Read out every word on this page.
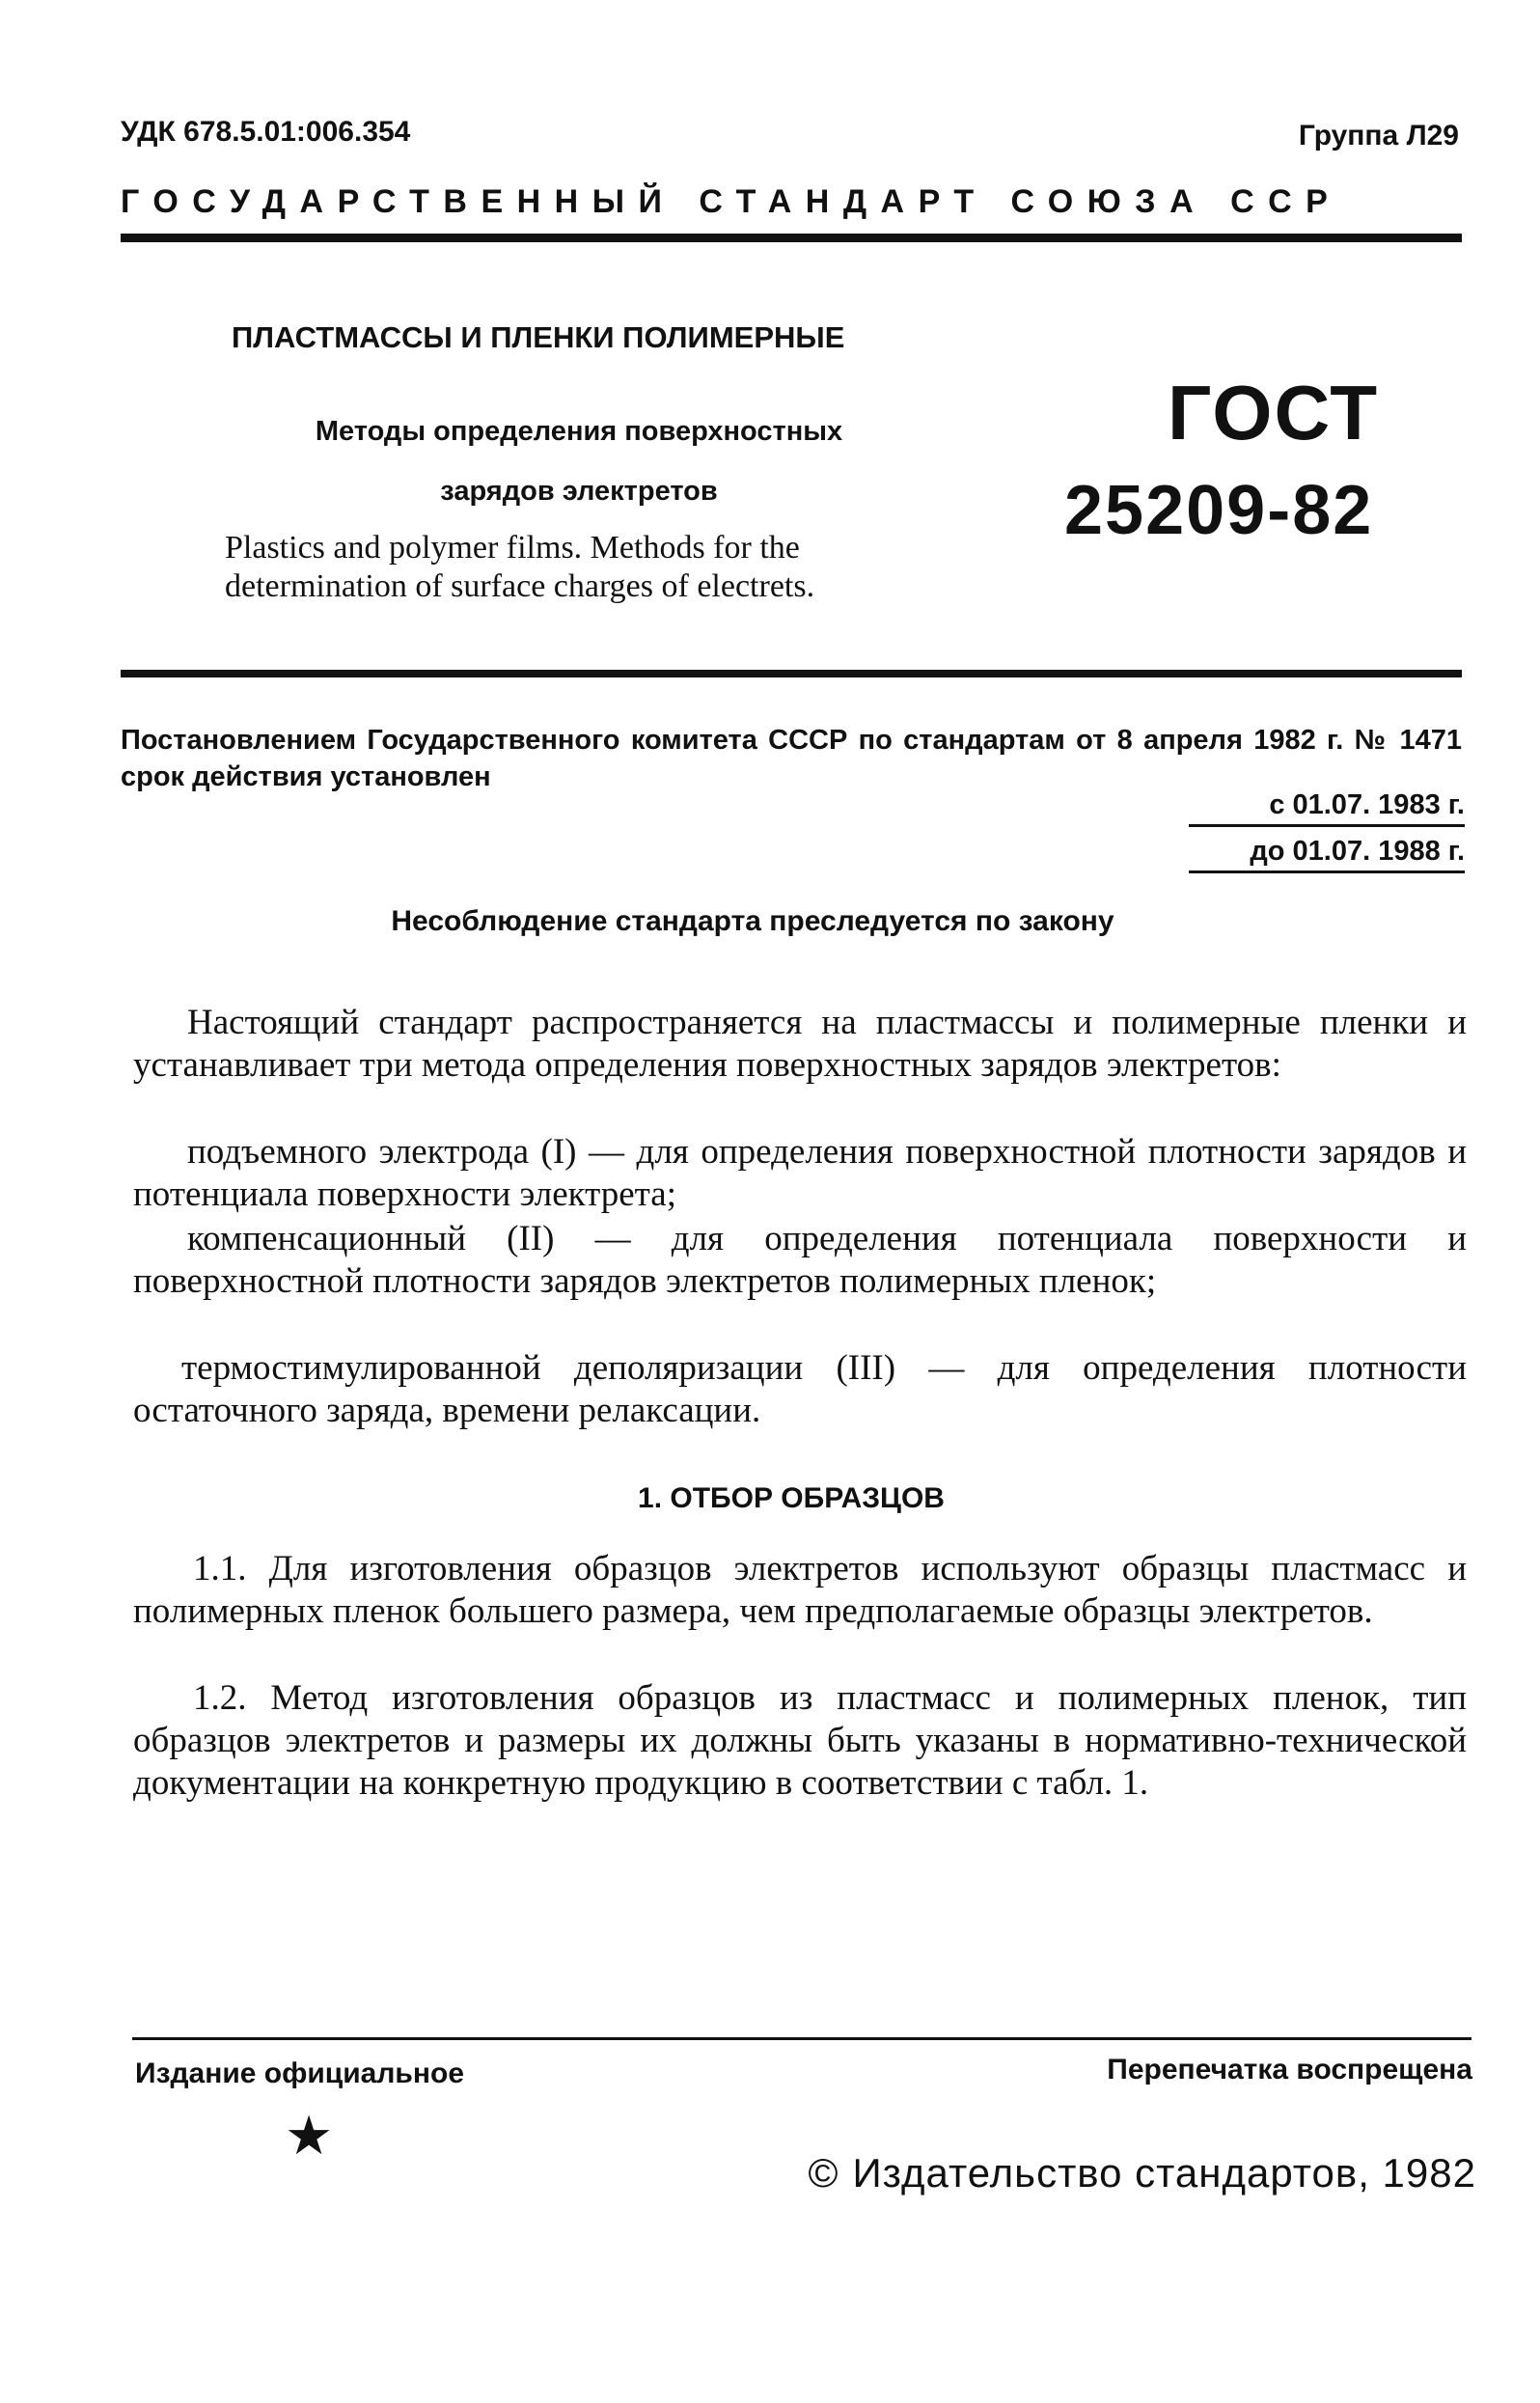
УДК 678.5.01:006.354	Группа Л29
ГОСУДАРСТВЕННЫЙ СТАНДАРТ СОЮЗА ССР
ПЛАСТМАССЫ И ПЛЕНКИ ПОЛИМЕРНЫЕ
Методы определения поверхностных
зарядов электретов
Plastics and polymer films. Methods for the
determination of surface charges of electrets.
ГОСТ
25209-82
Постановлением Государственного комитета СССР по стандартам от 8 апреля 1982 г. № 1471 срок действия установлен
с 01.07. 1983 г.
до 01.07. 1988 г.
Несоблюдение стандарта преследуется по закону
Настоящий стандарт распространяется на пластмассы и полимерные пленки и устанавливает три метода определения поверхностных зарядов электретов:
подъемного электрода (I) — для определения поверхностной плотности зарядов и потенциала поверхности электрета;
компенсационный (II) — для определения потенциала поверхности и поверхностной плотности зарядов электретов полимерных пленок;
термостимулированной деполяризации (III) — для определения плотности остаточного заряда, времени релаксации.
1. ОТБОР ОБРАЗЦОВ
1.1. Для изготовления образцов электретов используют образцы пластмасс и полимерных пленок большего размера, чем предполагаемые образцы электретов.
1.2. Метод изготовления образцов из пластмасс и полимерных пленок, тип образцов электретов и размеры их должны быть указаны в нормативно-технической документации на конкретную продукцию в соответствии с табл. 1.
Издание официальное	Перепечатка воспрещена
★
© Издательство стандартов, 1982
